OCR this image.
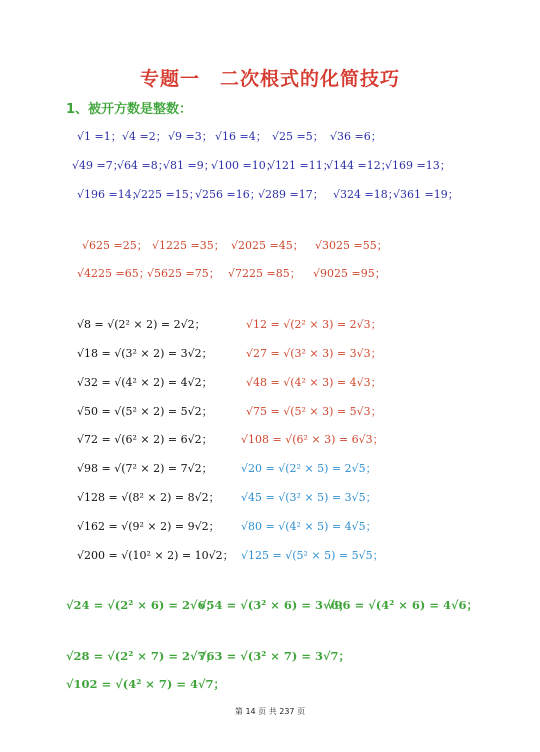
专题一　二次根式的化简技巧
1、被开方数是整数：
√1 =1； √4 =2； √9 =3； √16 =4； √25 =5； √36 =6；
√49 =7；
√64 =8；
√81 =9；
√100 =10；
√121 =11；
√144 =12；
√169 =13；
√196 =14；
√225 =15；
√256 =16；
√289 =17； √324 =18；
√361 =19；
√625 =25； √1225 =35； √2025 =45； √3025 =55；
√4225 =65；
√5625 =75； √7225 =85； √9025 =95；
√8 = √(2² × 2) = 2√2；
√18 = √(3² × 2) = 3√2；
√32 = √(4² × 2) = 4√2；
√50 = √(5² × 2) = 5√2；
√72 = √(6² × 2) = 6√2；
√98 = √(7² × 2) = 7√2；
√128 = √(8² × 2) = 8√2；
√162 = √(9² × 2) = 9√2；
√200 = √(10² × 2) = 10√2；
√12 = √(2² × 3) = 2√3；
√27 = √(3² × 3) = 3√3；
√48 = √(4² × 3) = 4√3；
√75 = √(5² × 3) = 5√3；
√108 = √(6² × 3) = 6√3；
√20 = √(2² × 5) = 2√5；
√45 = √(3² × 5) = 3√5；
√80 = √(4² × 5) = 4√5；
√125 = √(5² × 5) = 5√5；
√24 = √(2² × 6) = 2√6；
√54 = √(3² × 6) = 3√6；
√96 = √(4² × 6) = 4√6；
√28 = √(2² × 7) = 2√7；
√63 = √(3² × 7) = 3√7；
√102 = √(4² × 7) = 4√7；
第 14 页 共 237 页
